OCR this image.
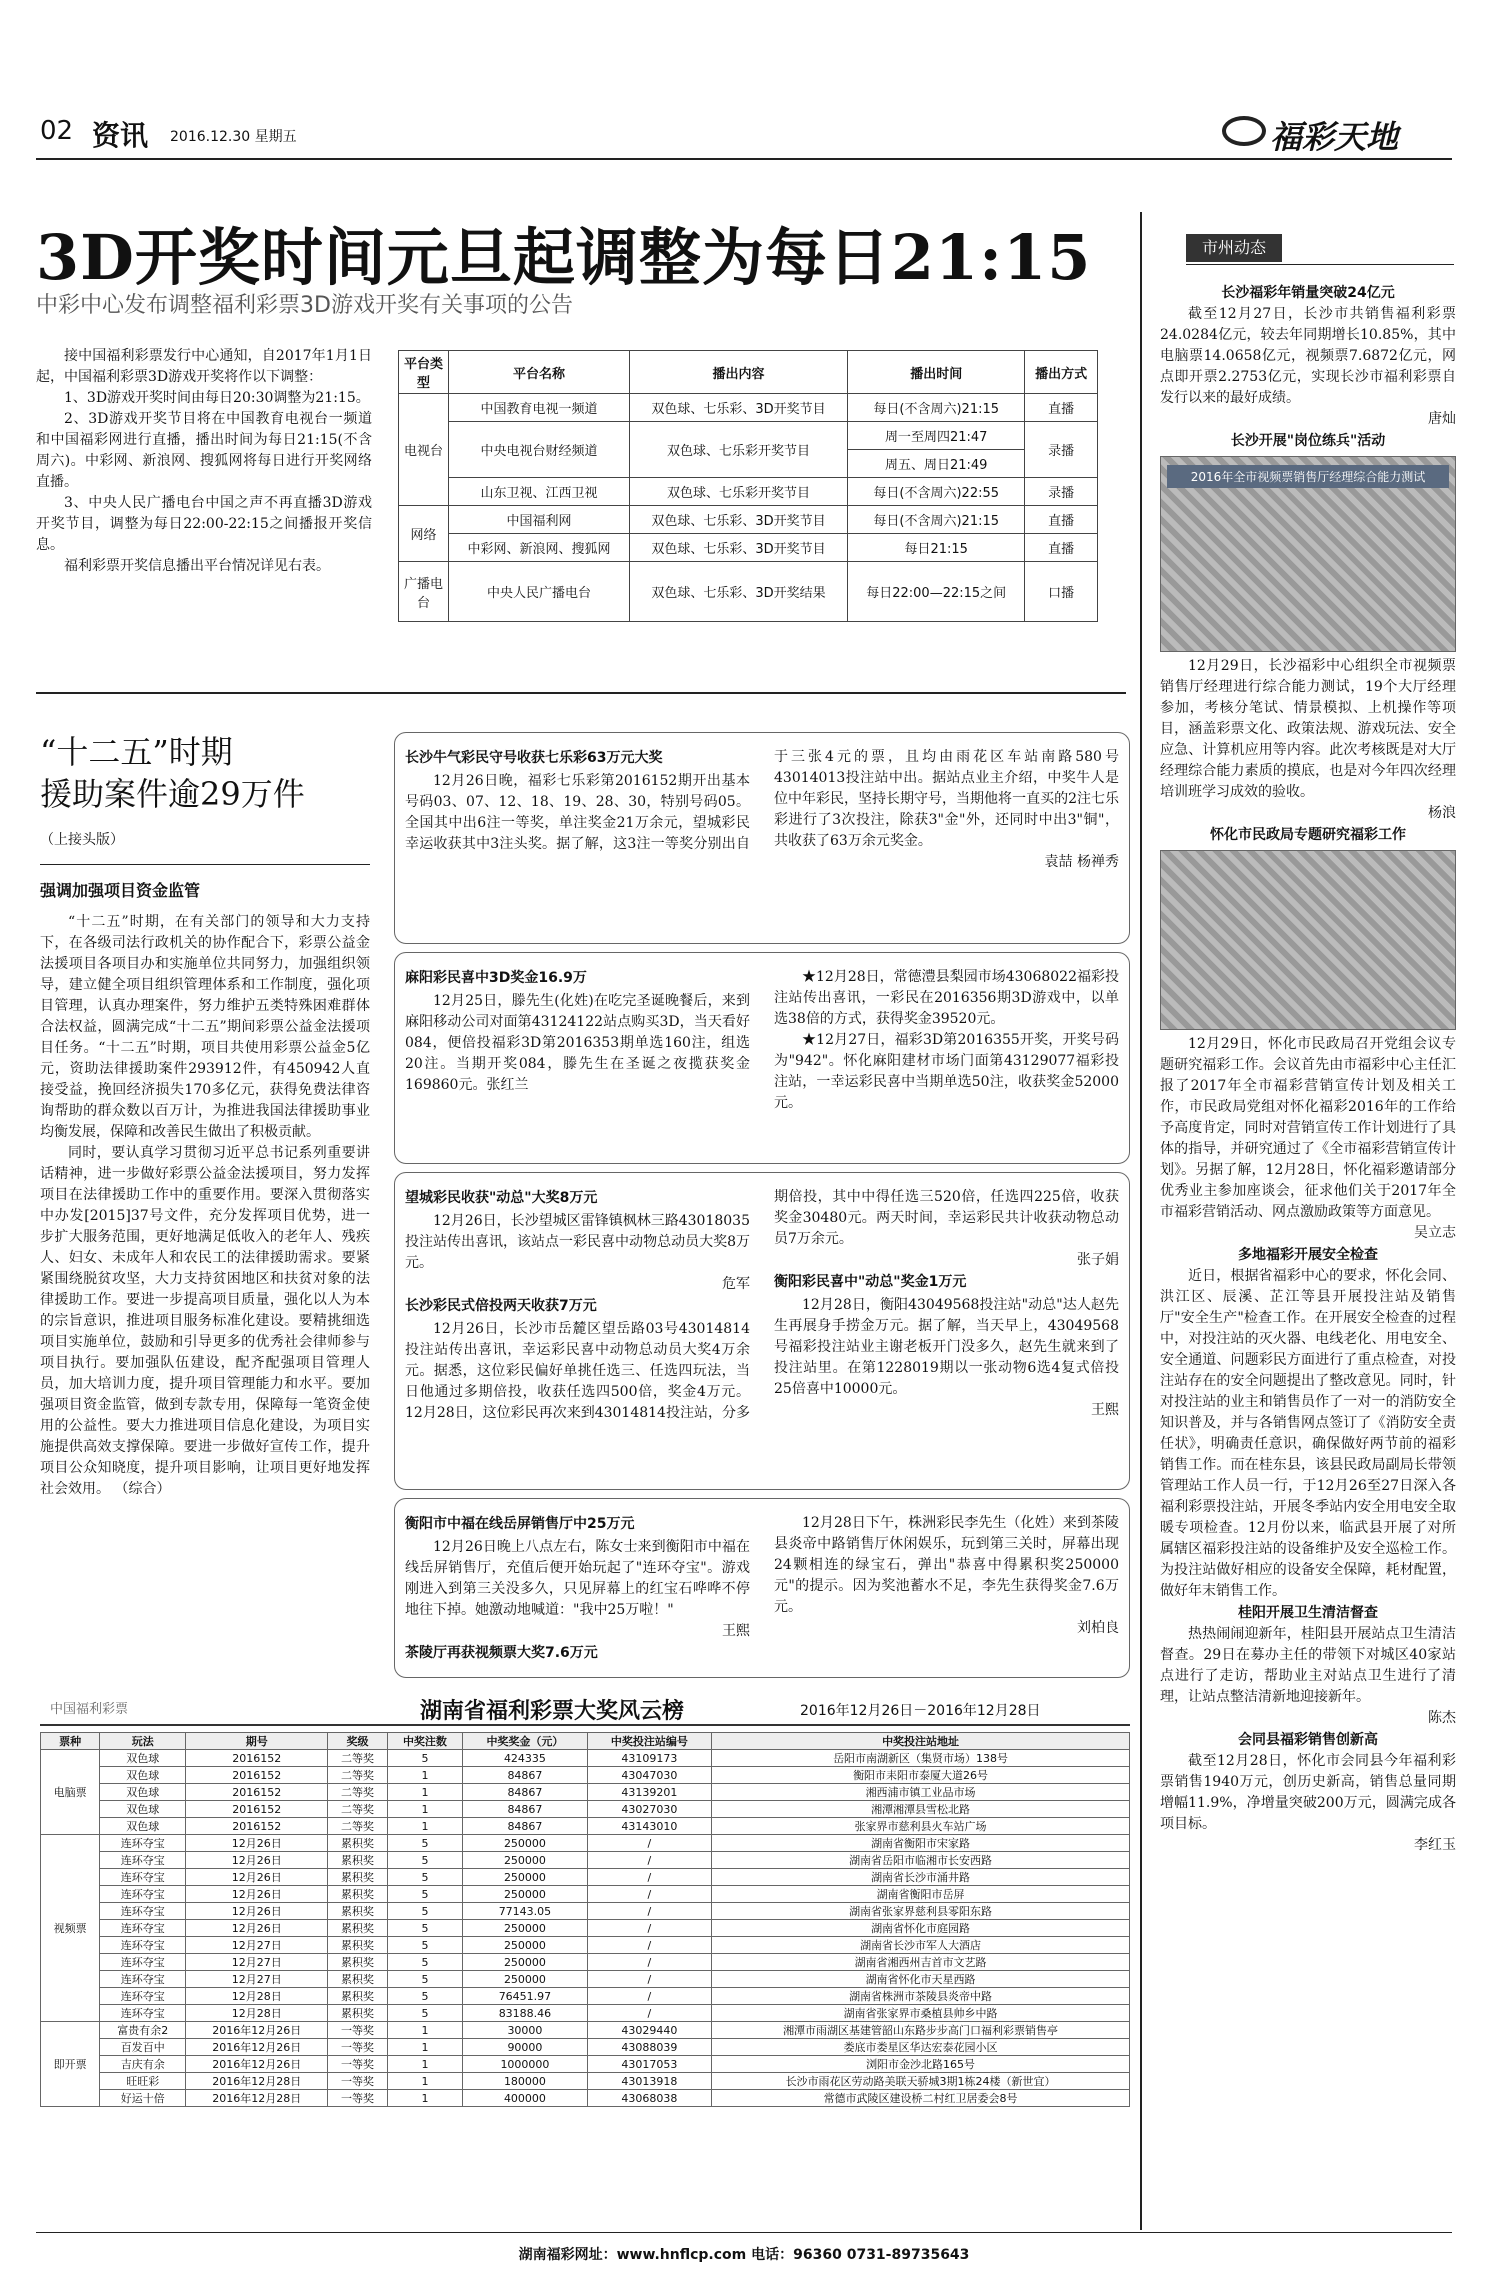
02 资讯 2016.12.30 星期五	福彩天地
3D开奖时间元旦起调整为每日21:15
中彩中心发布调整福利彩票3D游戏开奖有关事项的公告

接中国福利彩票发行中心通知，自2017年1月1日起，中国福利彩票3D游戏开奖将作以下调整：

1、3D游戏开奖时间由每日20:30调整为21:15。

2、3D游戏开奖节目将在中国教育电视台一频道和中国福彩网进行直播，播出时间为每日21:15(不含周六)。中彩网、新浪网、搜狐网将每日进行开奖网络直播。

3、中央人民广播电台中国之声不再直播3D游戏开奖节目，调整为每日22:00-22:15之间播报开奖信息。

福利彩票开奖信息播出平台情况详见右表。

平台类型	平台名称	播出内容	播出时间	播出方式
电视台	中国教育电视一频道	双色球、七乐彩、3D开奖节目	每日(不含周六)21:15	直播
	中央电视台财经频道	双色球、七乐彩开奖节目	周一至周四21:47	录播
			周五、周日21:49	
	山东卫视、江西卫视	双色球、七乐彩开奖节目	每日(不含周六)22:55	录播
网络	中国福利网	双色球、七乐彩、3D开奖节目	每日(不含周六)21:15	直播
	中彩网、新浪网、搜狐网	双色球、七乐彩、3D开奖节目	每日21:15	直播
广播电台	中央人民广播电台	双色球、七乐彩、3D开奖结果	每日22:00—22:15之间	口播
“十二五”时期
援助案件逾29万件
（上接头版）
强调加强项目资金监管

“十二五”时期，在有关部门的领导和大力支持下，在各级司法行政机关的协作配合下，彩票公益金法援项目各项目办和实施单位共同努力，加强组织领导，建立健全项目组织管理体系和工作制度，强化项目管理，认真办理案件，努力维护五类特殊困难群体合法权益，圆满完成“十二五”期间彩票公益金法援项目任务。“十二五”时期，项目共使用彩票公益金5亿元，资助法律援助案件293912件，有450942人直接受益，挽回经济损失170多亿元，获得免费法律咨询帮助的群众数以百万计，为推进我国法律援助事业均衡发展，保障和改善民生做出了积极贡献。

同时，要认真学习贯彻习近平总书记系列重要讲话精神，进一步做好彩票公益金法援项目，努力发挥项目在法律援助工作中的重要作用。要深入贯彻落实中办发[2015]37号文件，充分发挥项目优势，进一步扩大服务范围，更好地满足低收入的老年人、残疾人、妇女、未成年人和农民工的法律援助需求。要紧紧围绕脱贫攻坚，大力支持贫困地区和扶贫对象的法律援助工作。要进一步提高项目质量，强化以人为本的宗旨意识，推进项目服务标准化建设。要精挑细选项目实施单位，鼓励和引导更多的优秀社会律师参与项目执行。要加强队伍建设，配齐配强项目管理人员，加大培训力度，提升项目管理能力和水平。要加强项目资金监管，做到专款专用，保障每一笔资金使用的公益性。要大力推进项目信息化建设，为项目实施提供高效支撑保障。要进一步做好宣传工作，提升项目公众知晓度，提升项目影响，让项目更好地发挥社会效用。 （综合）

长沙牛气彩民守号收获七乐彩63万元大奖

12月26日晚，福彩七乐彩第2016152期开出基本号码03、07、12、18、19、28、30，特别号码05。全国其中出6注一等奖，单注奖金21万余元，望城彩民幸运收获其中3注头奖。据了解，这3注一等奖分别出自于三张4元的票，且均由雨花区车站南路580号43014013投注站中出。据站点业主介绍，中奖牛人是位中年彩民，坚持长期守号，当期他将一直买的2注七乐彩进行了3次投注，除获3"金"外，还同时中出3"铜"，共收获了63万余元奖金。

袁喆 杨禅秀
麻阳彩民喜中3D奖金16.9万

12月25日，滕先生(化姓)在吃完圣诞晚餐后，来到麻阳移动公司对面第43124122站点购买3D，当天看好084，便倍投福彩3D第2016353期单选160注，组选20注。当期开奖084，滕先生在圣诞之夜揽获奖金169860元。张红兰

★12月28日，常德澧县梨园市场43068022福彩投注站传出喜讯，一彩民在2016356期3D游戏中，以单选38倍的方式，获得奖金39520元。

★12月27日，福彩3D第2016355开奖，开奖号码为"942"。怀化麻阳建材市场门面第43129077福彩投注站，一幸运彩民喜中当期单选50注，收获奖金52000元。

望城彩民收获"动总"大奖8万元

12月26日，长沙望城区雷锋镇枫林三路43018035投注站传出喜讯，该站点一彩民喜中动物总动员大奖8万元。

危军
长沙彩民式倍投两天收获7万元

12月26日，长沙市岳麓区望岳路03号43014814投注站传出喜讯，幸运彩民喜中动物总动员大奖4万余元。据悉，这位彩民偏好单挑任选三、任选四玩法，当日他通过多期倍投，收获任选四500倍，奖金4万元。12月28日，这位彩民再次来到43014814投注站，分多期倍投，其中中得任选三520倍，任选四225倍，收获奖金30480元。两天时间，幸运彩民共计收获动物总动员7万余元。

张子娟
衡阳彩民喜中"动总"奖金1万元

12月28日，衡阳43049568投注站"动总"达人赵先生再展身手捞金万元。据了解，当天早上，43049568号福彩投注站业主谢老板开门没多久，赵先生就来到了投注站里。在第1228019期以一张动物6选4复式倍投25倍喜中10000元。

王熙
衡阳市中福在线岳屏销售厅中25万元

12月26日晚上八点左右，陈女士来到衡阳市中福在线岳屏销售厅，充值后便开始玩起了"连环夺宝"。游戏刚进入到第三关没多久，只见屏幕上的红宝石哗哗不停地往下掉。她激动地喊道："我中25万啦！"

王熙
茶陵厅再获视频票大奖7.6万元

12月28日下午，株洲彩民李先生（化姓）来到茶陵县炎帝中路销售厅休闲娱乐，玩到第三关时，屏幕出现24颗相连的绿宝石，弹出"恭喜中得累积奖250000元"的提示。因为奖池蓄水不足，李先生获得奖金7.6万元。

刘柏良
市州动态
长沙福彩年销量突破24亿元

截至12月27日，长沙市共销售福利彩票24.0284亿元，较去年同期增长10.85%，其中电脑票14.0658亿元，视频票7.6872亿元，网点即开票2.2753亿元，实现长沙市福利彩票自发行以来的最好成绩。

唐灿
长沙开展"岗位练兵"活动
2016年全市视频票销售厅经理综合能力测试

12月29日，长沙福彩中心组织全市视频票销售厅经理进行综合能力测试，19个大厅经理参加，考核分笔试、情景模拟、上机操作等项目，涵盖彩票文化、政策法规、游戏玩法、安全应急、计算机应用等内容。此次考核既是对大厅经理综合能力素质的摸底，也是对今年四次经理培训班学习成效的验收。

杨浪
怀化市民政局专题研究福彩工作

12月29日，怀化市民政局召开党组会议专题研究福彩工作。会议首先由市福彩中心主任汇报了2017年全市福彩营销宣传计划及相关工作，市民政局党组对怀化福彩2016年的工作给予高度肯定，同时对营销宣传工作计划进行了具体的指导，并研究通过了《全市福彩营销宣传计划》。另据了解，12月28日，怀化福彩邀请部分优秀业主参加座谈会，征求他们关于2017年全市福彩营销活动、网点激励政策等方面意见。

吴立志
多地福彩开展安全检查

近日，根据省福彩中心的要求，怀化会同、洪江区、辰溪、芷江等县开展投注站及销售厅"安全生产"检查工作。在开展安全检查的过程中，对投注站的灭火器、电线老化、用电安全、安全通道、问题彩民方面进行了重点检查，对投注站存在的安全问题提出了整改意见。同时，针对投注站的业主和销售员作了一对一的消防安全知识普及，并与各销售网点签订了《消防安全责任状》，明确责任意识，确保做好两节前的福彩销售工作。而在桂东县，该县民政局副局长带领管理站工作人员一行，于12月26至27日深入各福利彩票投注站，开展冬季站内安全用电安全取暖专项检查。12月份以来，临武县开展了对所属辖区福彩投注站的设备维护及安全巡检工作。为投注站做好相应的设备安全保障，耗材配置，做好年末销售工作。

桂阳开展卫生清洁督查

热热闹闹迎新年，桂阳县开展站点卫生清洁督查。29日在募办主任的带领下对城区40家站点进行了走访，帮助业主对站点卫生进行了清理，让站点整洁清新地迎接新年。

陈杰
会同县福彩销售创新高

截至12月28日，怀化市会同县今年福利彩票销售1940万元，创历史新高，销售总量同期增幅11.9%，净增量突破200万元，圆满完成各项目标。

李红玉
中国福利彩票	湖南省福利彩票大奖风云榜	2016年12月26日－2016年12月28日
票种	玩法	期号	奖级	中奖注数	中奖奖金（元）	中奖投注站编号	中奖投注站地址
电脑票	双色球	2016152	二等奖	5	424335	43109173	岳阳市南湖新区（集贤市场）138号
	双色球	2016152	二等奖	1	84867	43047030	衡阳市耒阳市泰厦大道26号
	双色球	2016152	二等奖	1	84867	43139201	湘西浦市镇工业品市场
	双色球	2016152	二等奖	1	84867	43027030	湘潭湘潭县雪松北路
	双色球	2016152	二等奖	1	84867	43143010	张家界市慈利县火车站广场
视频票	连环夺宝	12月26日	累积奖	5	250000	/	湖南省衡阳市宋家路
	连环夺宝	12月26日	累积奖	5	250000	/	湖南省岳阳市临湘市长安西路
	连环夺宝	12月26日	累积奖	5	250000	/	湖南省长沙市涌井路
	连环夺宝	12月26日	累积奖	5	250000	/	湖南省衡阳市岳屏
	连环夺宝	12月26日	累积奖	5	77143.05	/	湖南省张家界慈利县零阳东路
	连环夺宝	12月26日	累积奖	5	250000	/	湖南省怀化市庭园路
	连环夺宝	12月27日	累积奖	5	250000	/	湖南省长沙市军人大酒店
	连环夺宝	12月27日	累积奖	5	250000	/	湖南省湘西州吉首市文艺路
	连环夺宝	12月27日	累积奖	5	250000	/	湖南省怀化市天星西路
	连环夺宝	12月28日	累积奖	5	76451.97	/	湖南省株洲市茶陵县炎帝中路
	连环夺宝	12月28日	累积奖	5	83188.46	/	湖南省张家界市桑植县帅乡中路
即开票	富贵有余2	2016年12月26日	一等奖	1	30000	43029440	湘潭市雨湖区基建管韶山东路步步高门口福利彩票销售亭
	百发百中	2016年12月26日	一等奖	1	90000	43088039	娄底市娄星区华达宏泰花园小区
	吉庆有余	2016年12月26日	一等奖	1	1000000	43017053	浏阳市金沙北路165号
	旺旺彩	2016年12月28日	一等奖	1	180000	43013918	长沙市雨花区劳动路美联天骄城3期1栋24楼（新世宜）
	好运十倍	2016年12月28日	一等奖	1	400000	43068038	常德市武陵区建设桥二村红卫居委会8号
湖南福彩网址：www.hnflcp.com 电话：96360 0731-89735643
